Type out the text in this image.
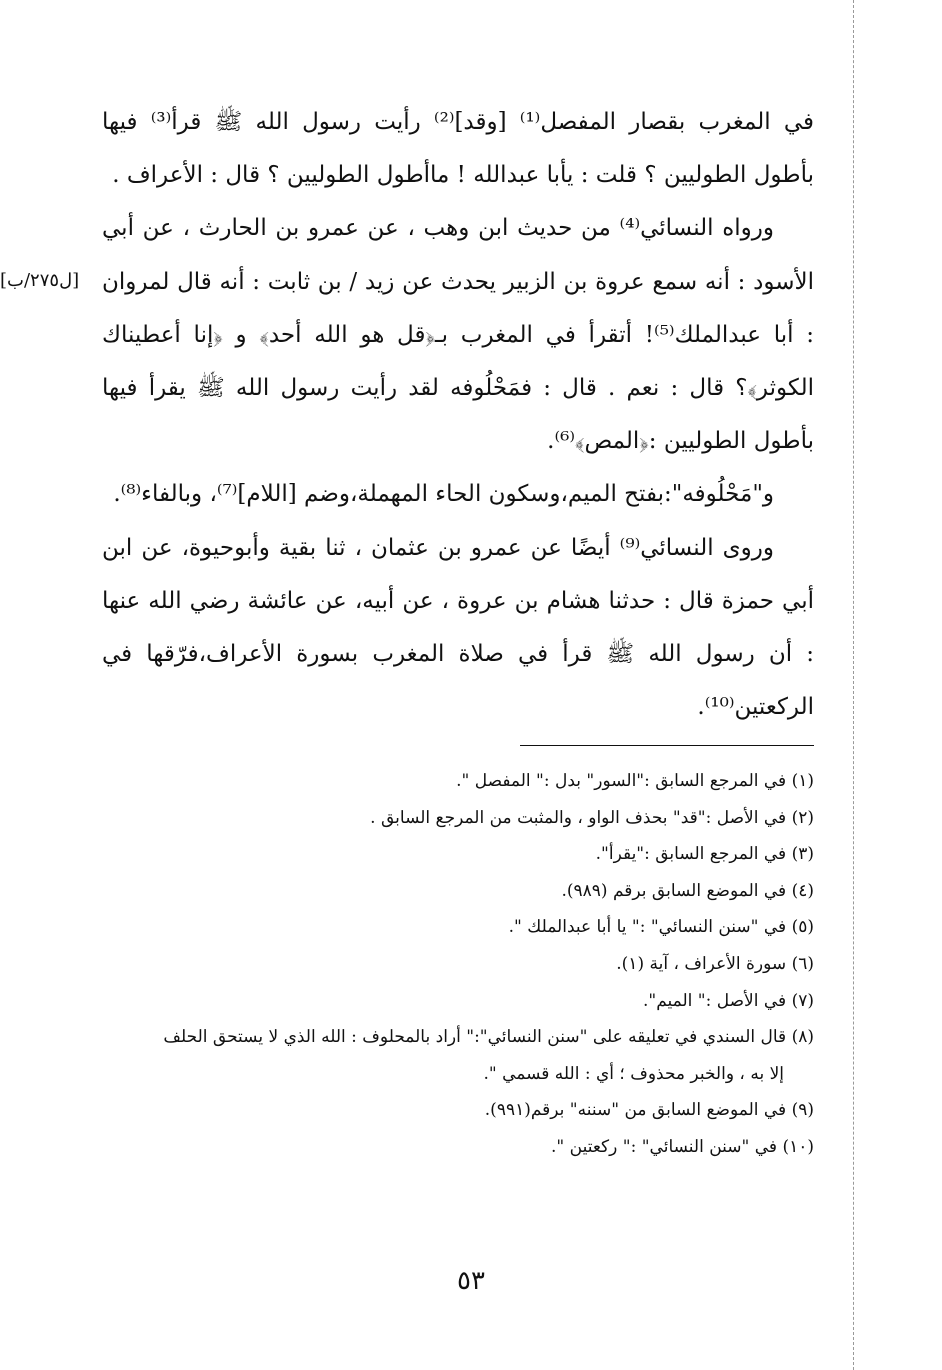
[ل٢٧٥/ب]

في المغرب بقصار المفصل⁽¹⁾ [وقد]⁽²⁾ رأيت رسول الله ﷺ قرأ⁽³⁾ فيها بأطول الطوليين ؟ قلت : يأبا عبدالله ! ماأطول الطوليين ؟ قال : الأعراف .

ورواه النسائي⁽⁴⁾ من حديث ابن وهب ، عن عمرو بن الحارث ، عن أبي الأسود : أنه سمع عروة بن الزبير يحدث عن زيد / بن ثابت : أنه قال لمروان : أبا عبدالملك⁽⁵⁾! أتقرأ في المغرب بـ﴿قل هو الله أحد﴾ و ﴿إنا أعطيناك الكوثر﴾؟ قال : نعم . قال : فمَحْلُوفه لقد رأيت رسول الله ﷺ يقرأ فيها بأطول الطوليين :﴿المص﴾⁽⁶⁾.

و"مَحْلُوفه":بفتح الميم،وسكون الحاء المهملة،وضم [اللام]⁽⁷⁾، وبالفاء⁽⁸⁾.

وروى النسائي⁽⁹⁾ أيضًا عن عمرو بن عثمان ، ثنا بقية وأبوحيوة، عن ابن أبي حمزة قال : حدثنا هشام بن عروة ، عن أبيه، عن عائشة رضي الله عنها : أن رسول الله ﷺ قرأ في صلاة المغرب بسورة الأعراف،فرّقها في الركعتين⁽¹⁰⁾.

(١) في المرجع السابق :"السور" بدل :" المفصل ".

(٢) في الأصل :"قد" بحذف الواو ، والمثبت من المرجع السابق .

(٣) في المرجع السابق :"يقرأ".

(٤) في الموضع السابق برقم (٩٨٩).

(٥) في "سنن النسائي" :" يا أبا عبدالملك ".

(٦) سورة الأعراف ، آية (١).

(٧) في الأصل :" الميم".

(٨) قال السندي في تعليقه على "سنن النسائي":" أراد بالمحلوف : الله الذي لا يستحق الحلف

إلا به ، والخبر محذوف ؛ أي : الله قسمي ".

(٩) في الموضع السابق من "سننه" برقم(٩٩١).

(١٠) في "سنن النسائي" :" ركعتين ".

٥٣
